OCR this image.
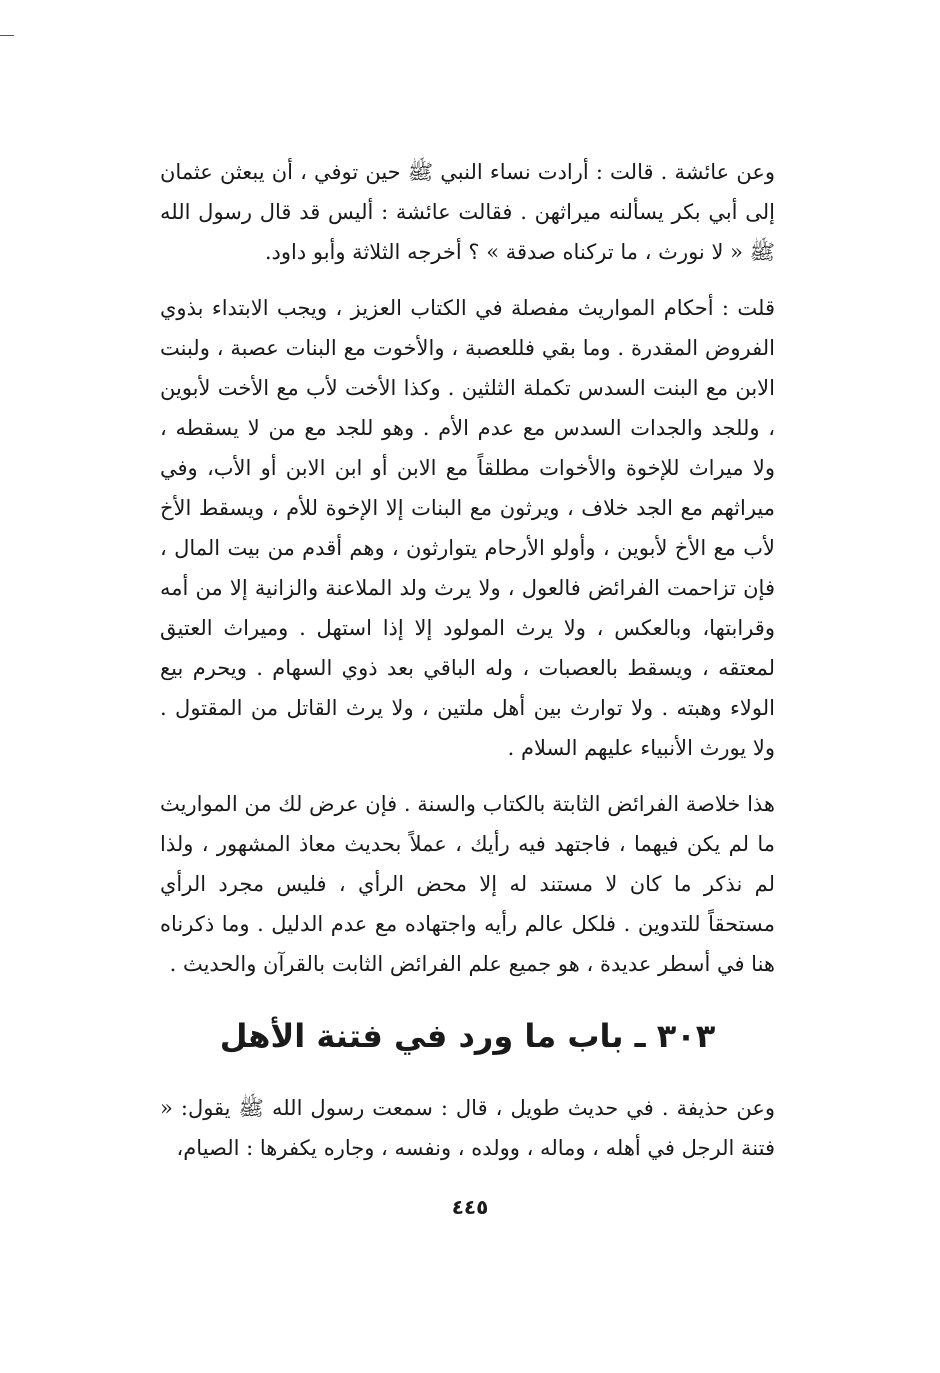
وعن عائشة . قالت : أرادت نساء النبي ﷺ حين توفي ، أن يبعثن عثمان إلى أبي بكر يسألنه ميراثهن . فقالت عائشة : أليس قد قال رسول الله ﷺ « لا نورث ، ما تركناه صدقة » ؟ أخرجه الثلاثة وأبو داود.

قلت : أحكام المواريث مفصلة في الكتاب العزيز ، ويجب الابتداء بذوي الفروض المقدرة . وما بقي فللعصبة ، والأخوت مع البنات عصبة ، ولبنت الابن مع البنت السدس تكملة الثلثين . وكذا الأخت لأب مع الأخت لأبوين ، وللجد والجدات السدس مع عدم الأم . وهو للجد مع من لا يسقطه ، ولا ميراث للإخوة والأخوات مطلقاً مع الابن أو ابن الابن أو الأب، وفي ميراثهم مع الجد خلاف ، ويرثون مع البنات إلا الإخوة للأم ، ويسقط الأخ لأب مع الأخ لأبوين ، وأولو الأرحام يتوارثون ، وهم أقدم من بيت المال ، فإن تزاحمت الفرائض فالعول ، ولا يرث ولد الملاعنة والزانية إلا من أمه وقرابتها، وبالعكس ، ولا يرث المولود إلا إذا استهل . وميراث العتيق لمعتقه ، ويسقط بالعصبات ، وله الباقي بعد ذوي السهام . ويحرم بيع الولاء وهبته . ولا توارث بين أهل ملتين ، ولا يرث القاتل من المقتول . ولا يورث الأنبياء عليهم السلام .

هذا خلاصة الفرائض الثابتة بالكتاب والسنة . فإن عرض لك من المواريث ما لم يكن فيهما ، فاجتهد فيه رأيك ، عملاً بحديث معاذ المشهور ، ولذا لم نذكر ما كان لا مستند له إلا محض الرأي ، فليس مجرد الرأي مستحقاً للتدوين . فلكل عالم رأيه واجتهاده مع عدم الدليل . وما ذكرناه هنا في أسطر عديدة ، هو جميع علم الفرائض الثابت بالقرآن والحديث .

٣٠٣ ـ باب ما ورد في فتنة الأهل

وعن حذيفة . في حديث طويل ، قال : سمعت رسول الله ﷺ يقول: « فتنة الرجل في أهله ، وماله ، وولده ، ونفسه ، وجاره يكفرها : الصيام،

٤٤٥
